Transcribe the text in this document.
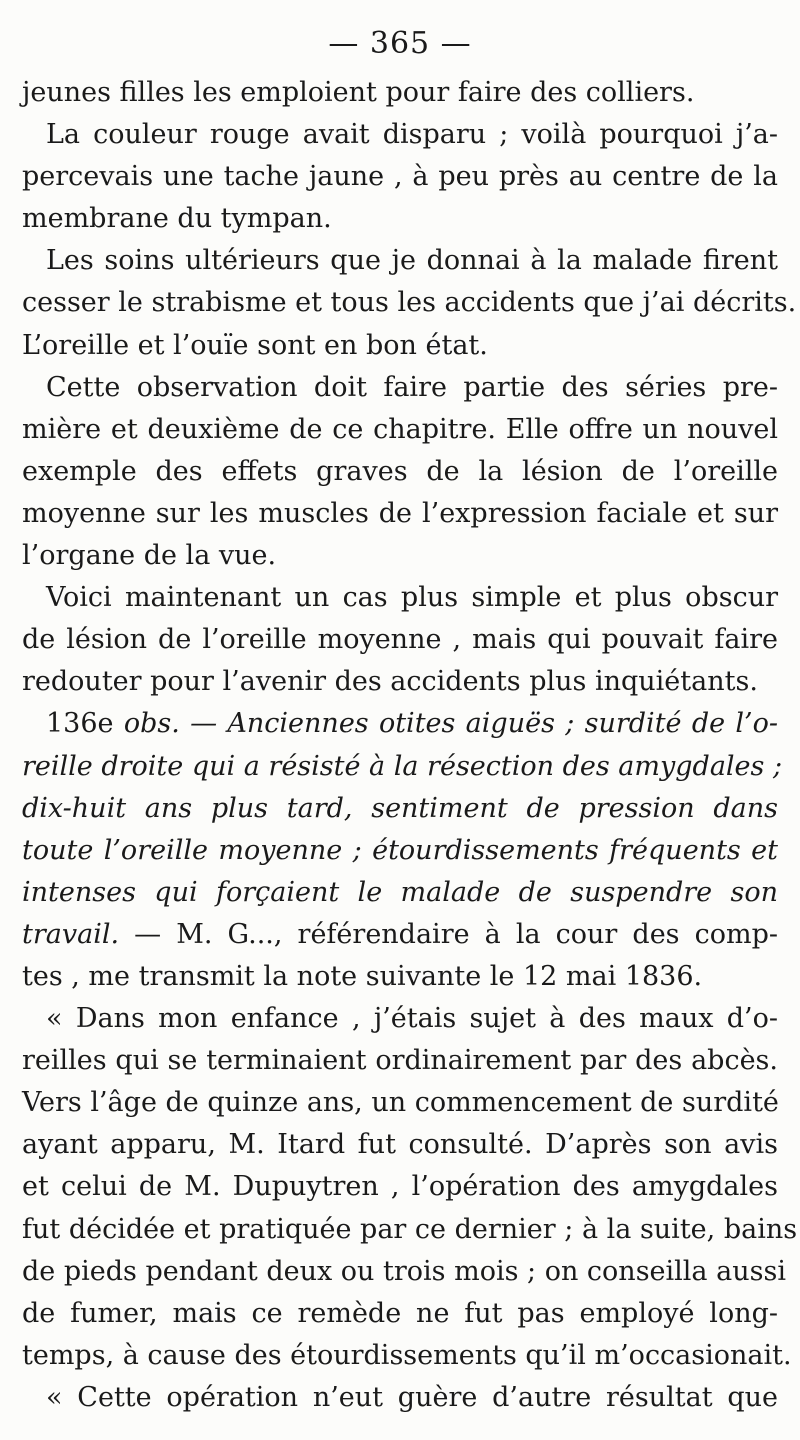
— 365 —
jeunes filles les emploient pour faire des colliers.
La couleur rouge avait disparu ; voilà pourquoi j’a-
percevais une tache jaune , à peu près au centre de la
membrane du tympan.
Les soins ultérieurs que je donnai à la malade firent
cesser le strabisme et tous les accidents que j’ai décrits.
L’oreille et l’ouïe sont en bon état.
Cette observation doit faire partie des séries pre-
mière et deuxième de ce chapitre. Elle offre un nouvel
exemple des effets graves de la lésion de l’oreille
moyenne sur les muscles de l’expression faciale et sur
l’organe de la vue.
Voici maintenant un cas plus simple et plus obscur
de lésion de l’oreille moyenne , mais qui pouvait faire
redouter pour l’avenir des accidents plus inquiétants.
136e obs. — Anciennes otites aiguës ; surdité de l’o-
reille droite qui a résisté à la résection des amygdales ;
dix-huit ans plus tard, sentiment de pression dans
toute l’oreille moyenne ; étourdissements fréquents et
intenses qui forçaient le malade de suspendre son
travail. — M. G..., référendaire à la cour des comp-
tes , me transmit la note suivante le 12 mai 1836.
« Dans mon enfance , j’étais sujet à des maux d’o-
reilles qui se terminaient ordinairement par des abcès.
Vers l’âge de quinze ans, un commencement de surdité
ayant apparu, M. Itard fut consulté. D’après son avis
et celui de M. Dupuytren , l’opération des amygdales
fut décidée et pratiquée par ce dernier ; à la suite, bains
de pieds pendant deux ou trois mois ; on conseilla aussi
de fumer, mais ce remède ne fut pas employé long-
temps, à cause des étourdissements qu’il m’occasionait.
« Cette opération n’eut guère d’autre résultat que
